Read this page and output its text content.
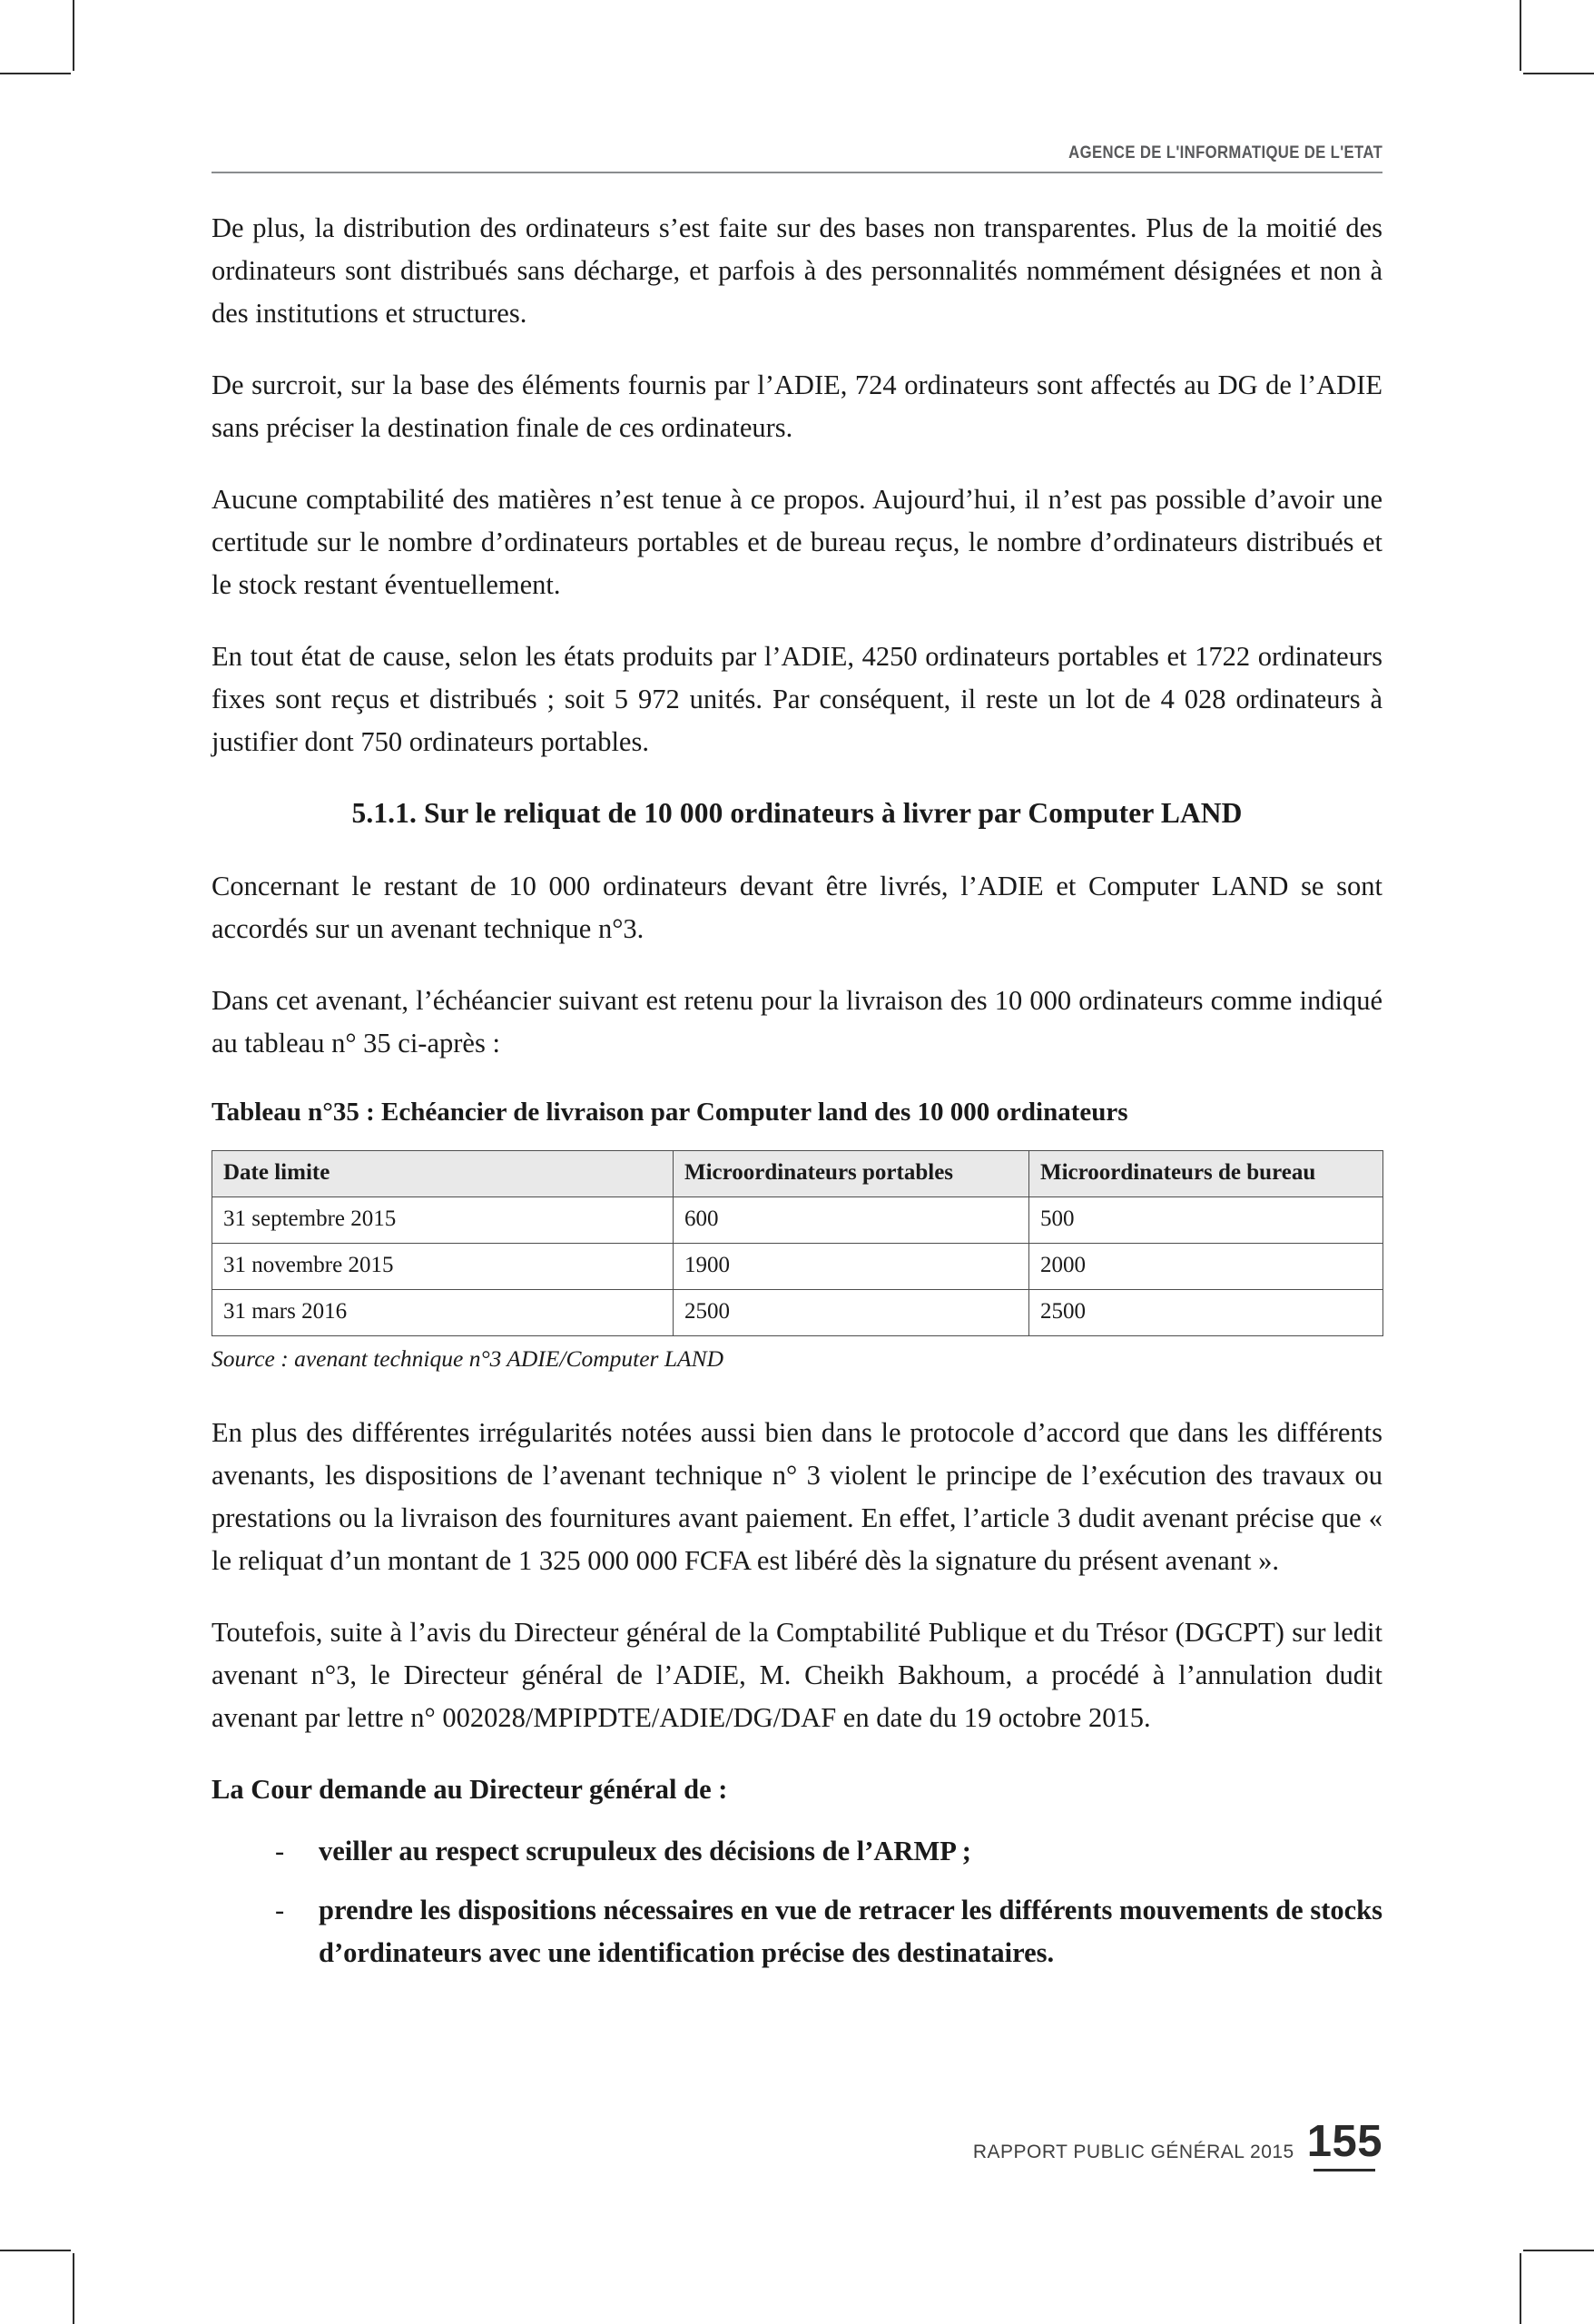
AGENCE DE L'INFORMATIQUE DE L'ETAT

De plus, la distribution des ordinateurs s’est faite sur des bases non transparentes. Plus de la moitié des ordinateurs sont distribués sans décharge, et parfois à des personnalités nommément désignées et non à des institutions et structures.

De surcroit, sur la base des éléments fournis par l’ADIE, 724 ordinateurs sont affectés au DG de l’ADIE sans préciser la destination finale de ces ordinateurs.

Aucune comptabilité des matières n’est tenue à ce propos. Aujourd’hui, il n’est pas possible d’avoir une certitude sur le nombre d’ordinateurs portables et de bureau reçus, le nombre d’ordinateurs distribués et le stock restant éventuellement.

En tout état de cause, selon les états produits par l’ADIE, 4250 ordinateurs portables et 1722 ordinateurs fixes sont reçus et distribués ; soit 5 972 unités. Par conséquent, il reste un lot de 4 028 ordinateurs à justifier dont 750 ordinateurs portables.

5.1.1. Sur le reliquat de 10 000 ordinateurs à livrer par Computer LAND

Concernant le restant de 10 000 ordinateurs devant être livrés, l’ADIE et Computer LAND se sont accordés sur un avenant technique n°3.

Dans cet avenant, l’échéancier suivant est retenu pour la livraison des 10 000 ordinateurs comme indiqué au tableau n° 35 ci-après :

Tableau n°35 : Echéancier de livraison par Computer land des 10 000 ordinateurs

Date limite	Microordinateurs portables	Microordinateurs de bureau
31 septembre 2015	600	500
31 novembre 2015	1900	2000
31 mars 2016	2500	2500

Source : avenant technique n°3 ADIE/Computer LAND

En plus des différentes irrégularités notées aussi bien dans le protocole d’accord que dans les différents avenants, les dispositions de l’avenant technique n° 3 violent le principe de l’exécution des travaux ou prestations ou la livraison des fournitures avant paiement. En effet, l’article 3 dudit avenant précise que « le reliquat d’un montant de 1 325 000 000 FCFA est libéré dès la signature du présent avenant ».

Toutefois, suite à l’avis du Directeur général de la Comptabilité Publique et du Trésor (DGCPT) sur ledit avenant n°3, le Directeur général de l’ADIE, M. Cheikh Bakhoum, a procédé à l’annulation dudit avenant par lettre n° 002028/MPIPDTE/ADIE/DG/DAF en date du 19 octobre 2015.

La Cour demande au Directeur général de :

- veiller au respect scrupuleux des décisions de l’ARMP ;
- prendre les dispositions nécessaires en vue de retracer les différents mouvements de stocks d’ordinateurs avec une identification précise des destinataires.
RAPPORT PUBLIC GÉNÉRAL 2015 155
